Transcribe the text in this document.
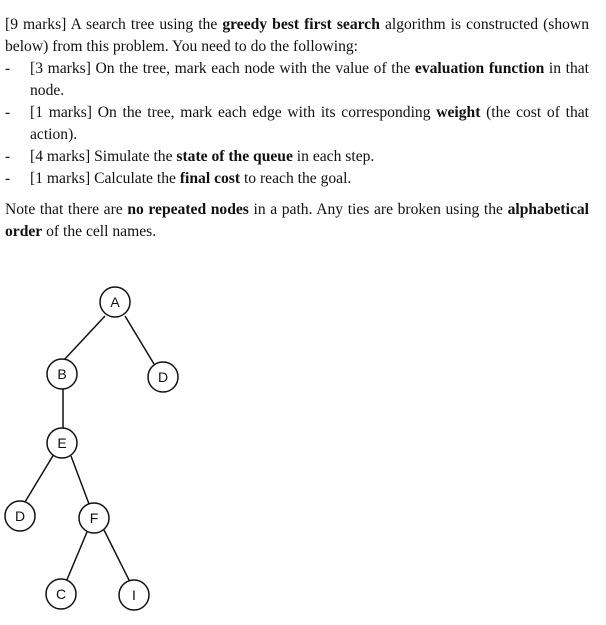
[9 marks] A search tree using the greedy best first search algorithm is constructed (shown below) from this problem. You need to do the following:

- [3 marks] On the tree, mark each node with the value of the evaluation function in that node.
- [1 marks] On the tree, mark each edge with its corresponding weight (the cost of that action).
- [4 marks] Simulate the state of the queue in each step.
- [1 marks] Calculate the final cost to reach the goal.

Note that there are no repeated nodes in a path. Any ties are broken using the alphabetical order of the cell names.

A
B	D
E
D	F
C	I
